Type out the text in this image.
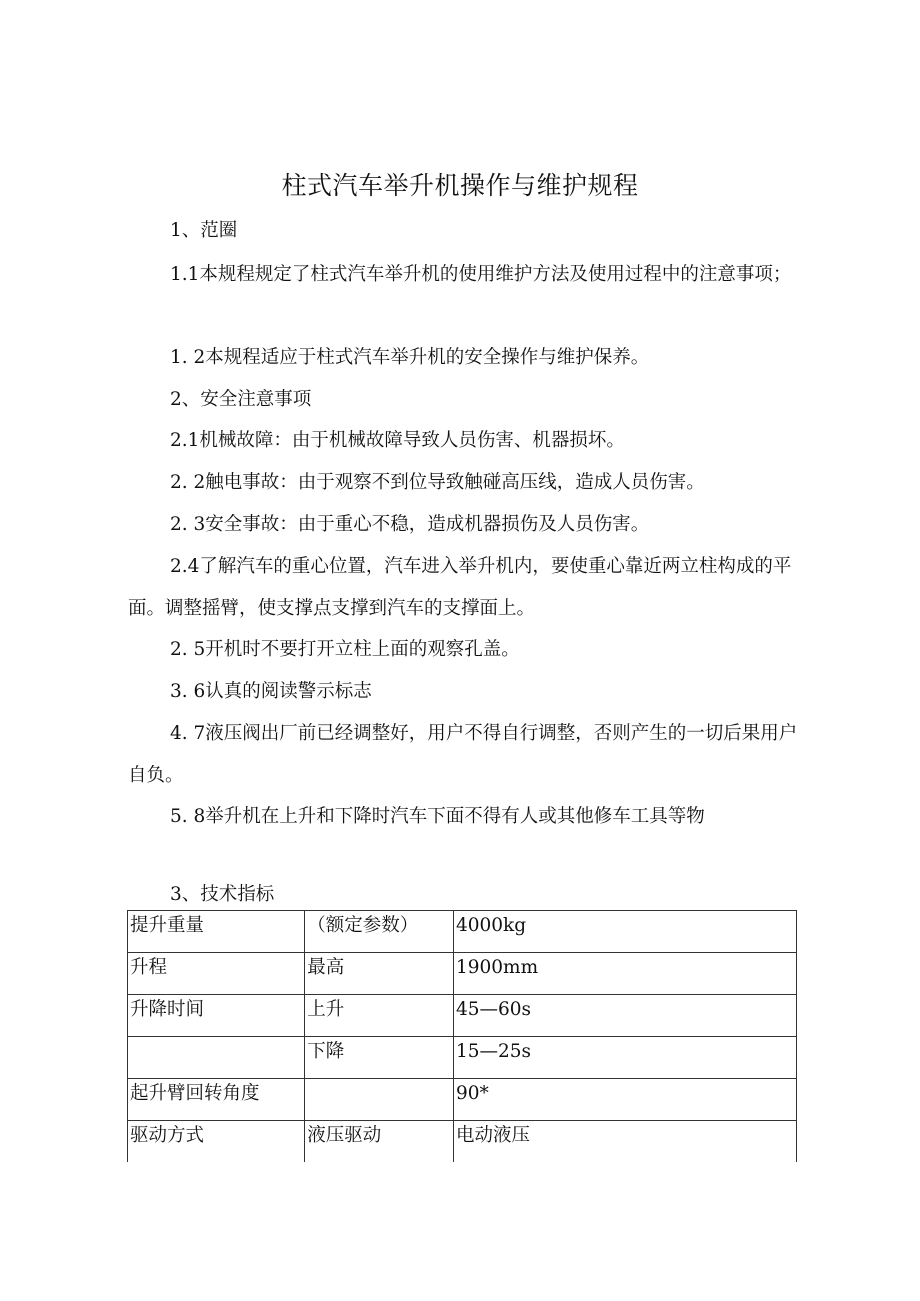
柱式汽车举升机操作与维护规程

1、范圈

1.1本规程规定了柱式汽车举升机的使用维护方法及使用过程中的注意事项；

1. 2本规程适应于柱式汽车举升机的安全操作与维护保养。

2、安全注意事项

2.1机械故障：由于机械故障导致人员伤害、机器损坏。

2. 2触电事故：由于观察不到位导致触碰高压线，造成人员伤害。

2. 3安全事故：由于重心不稳，造成机器损伤及人员伤害。

2.4了解汽车的重心位置，汽车进入举升机内，要使重心靠近两立柱构成的平面。调整摇臂，使支撑点支撑到汽车的支撑面上。

2. 5开机时不要打开立柱上面的观察孔盖。

3. 6认真的阅读警示标志

4. 7液压阀出厂前已经调整好，用户不得自行调整，否则产生的一切后果用户自负。

5. 8举升机在上升和下降时汽车下面不得有人或其他修车工具等物

3、技术指标

提升重量	（额定参数）	4000kg
升程	最高	1900mm
升降时间	上升	45—60s
	下降	15—25s
起升臂回转角度		90*
驱动方式	液压驱动	电动液压
